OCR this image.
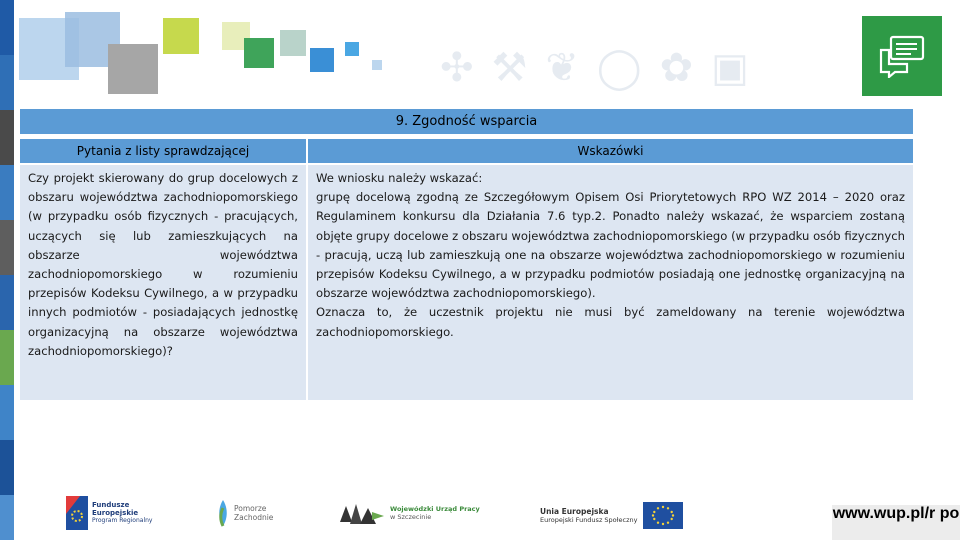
✣ ⚒ ❦ ◯ ✿ ▣
9. Zgodność wsparcia
Pytania z listy sprawdzającej	Wskazówki

Czy projekt skierowany do grup docelowych z obszaru województwa zachodniopomorskiego (w przypadku osób fizycznych - pracujących, uczących się lub zamieszkujących na obszarze województwa zachodniopomorskiego w rozumieniu przepisów Kodeksu Cywilnego, a w przypadku innych podmiotów - posiadających jednostkę organizacyjną na obszarze województwa zachodniopomorskiego)?

We wniosku należy wskazać:

grupę docelową zgodną ze Szczegółowym Opisem Osi Priorytetowych RPO WZ 2014 – 2020 oraz Regulaminem konkursu dla Działania 7.6 typ.2. Ponadto należy wskazać, że wsparciem zostaną objęte grupy docelowe z obszaru województwa zachodniopomorskiego (w przypadku osób fizycznych - pracują, uczą lub zamieszkują one na obszarze województwa zachodniopomorskiego w rozumieniu przepisów Kodeksu Cywilnego, a w przypadku podmiotów posiadają one jednostkę organizacyjną na obszarze województwa zachodniopomorskiego).

Oznacza to, że uczestnik projektu nie musi być zameldowany na terenie województwa zachodniopomorskiego.

Fundusze
Europejskie
Program Regionalny
Pomorze
Zachodnie
Wojewódzki Urząd Pracy
w Szczecinie
Unia Europejska
Europejski Fundusz Społeczny	www.wup.pl/r po
